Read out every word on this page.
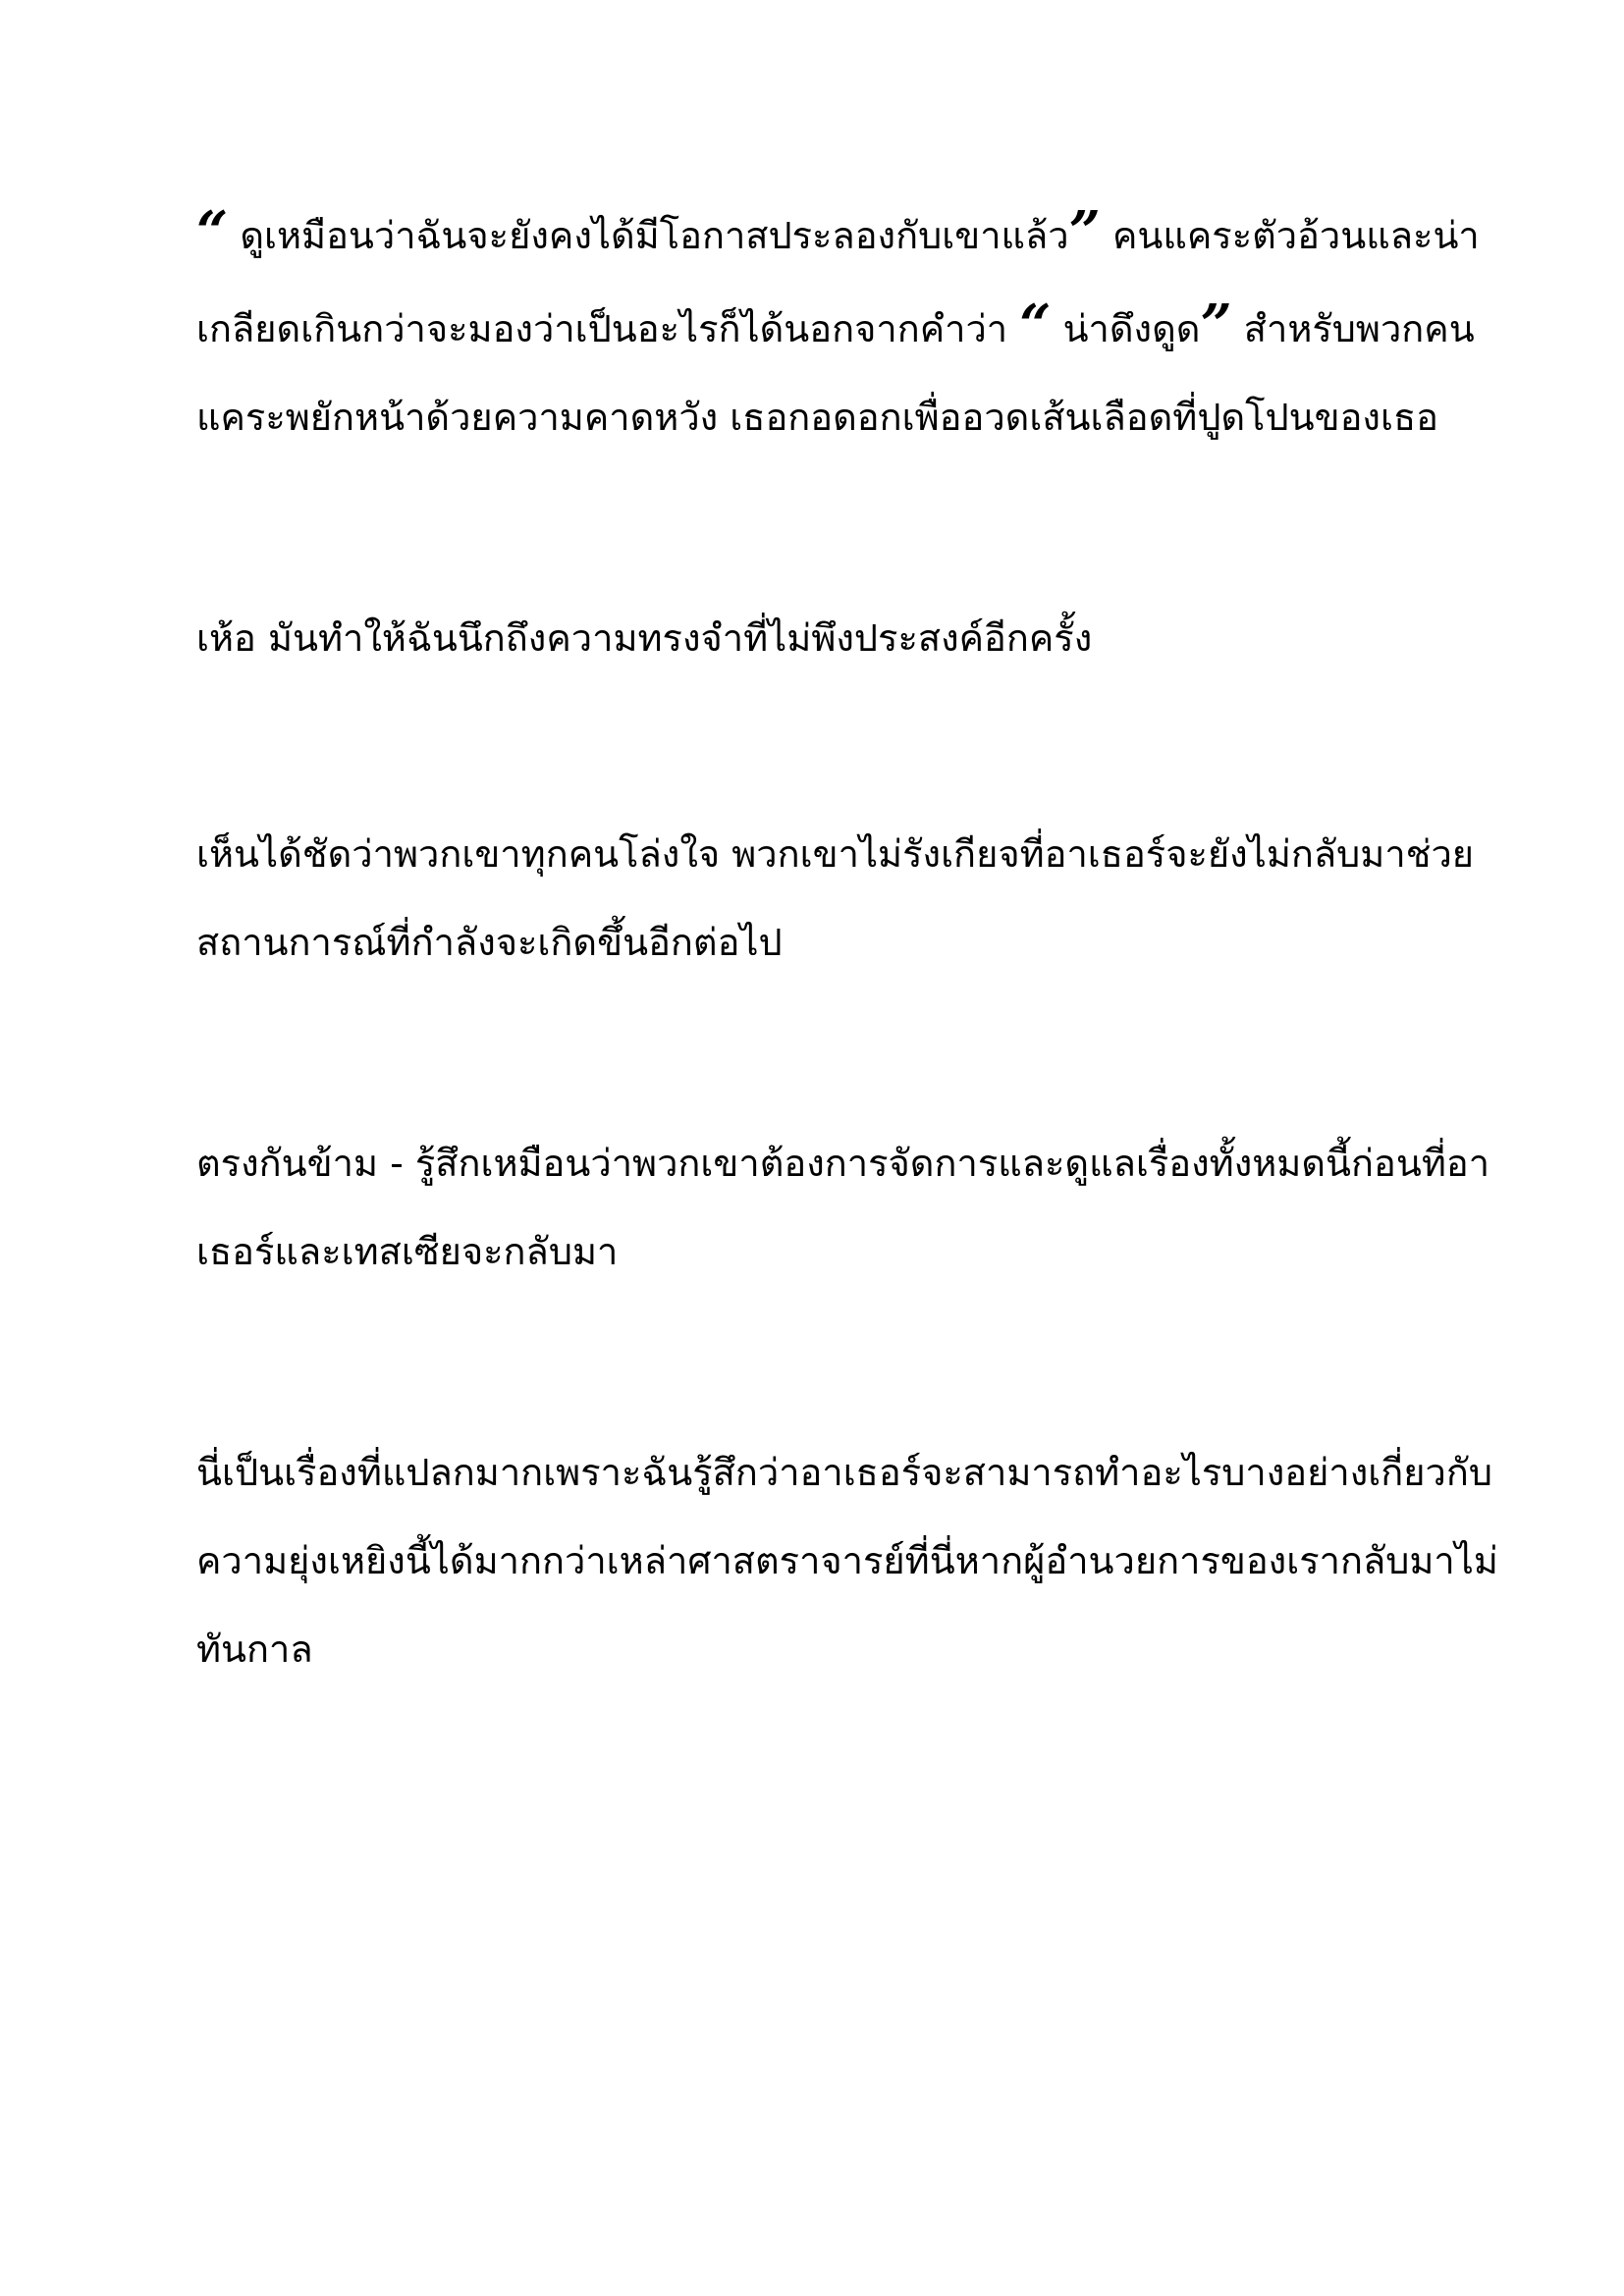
“ ดูเหมือนว่าฉันจะยังคงได้มีโอกาสประลองกับเขาแล้ว” คนแคระตัวอ้วนและน่า
เกลียดเกินกว่าจะมองว่าเป็นอะไรก็ได้นอกจากคำว่า “ น่าดึงดูด” สำหรับพวกคน
แคระพยักหน้าด้วยความคาดหวัง เธอกอดอกเพื่ออวดเส้นเลือดที่ปูดโปนของเธอ
เห้อ มันทำให้ฉันนึกถึงความทรงจำที่ไม่พึงประสงค์อีกครั้ง
เห็นได้ชัดว่าพวกเขาทุกคนโล่งใจ พวกเขาไม่รังเกียจที่อาเธอร์จะยังไม่กลับมาช่วย
สถานการณ์ที่กำลังจะเกิดขึ้นอีกต่อไป
ตรงกันข้าม - รู้สึกเหมือนว่าพวกเขาต้องการจัดการและดูแลเรื่องทั้งหมดนี้ก่อนที่อา
เธอร์และเทสเซียจะกลับมา
นี่เป็นเรื่องที่แปลกมากเพราะฉันรู้สึกว่าอาเธอร์จะสามารถทำอะไรบางอย่างเกี่ยวกับ
ความยุ่งเหยิงนี้ได้มากกว่าเหล่าศาสตราจารย์ที่นี่หากผู้อำนวยการของเรากลับมาไม่
ทันกาล
